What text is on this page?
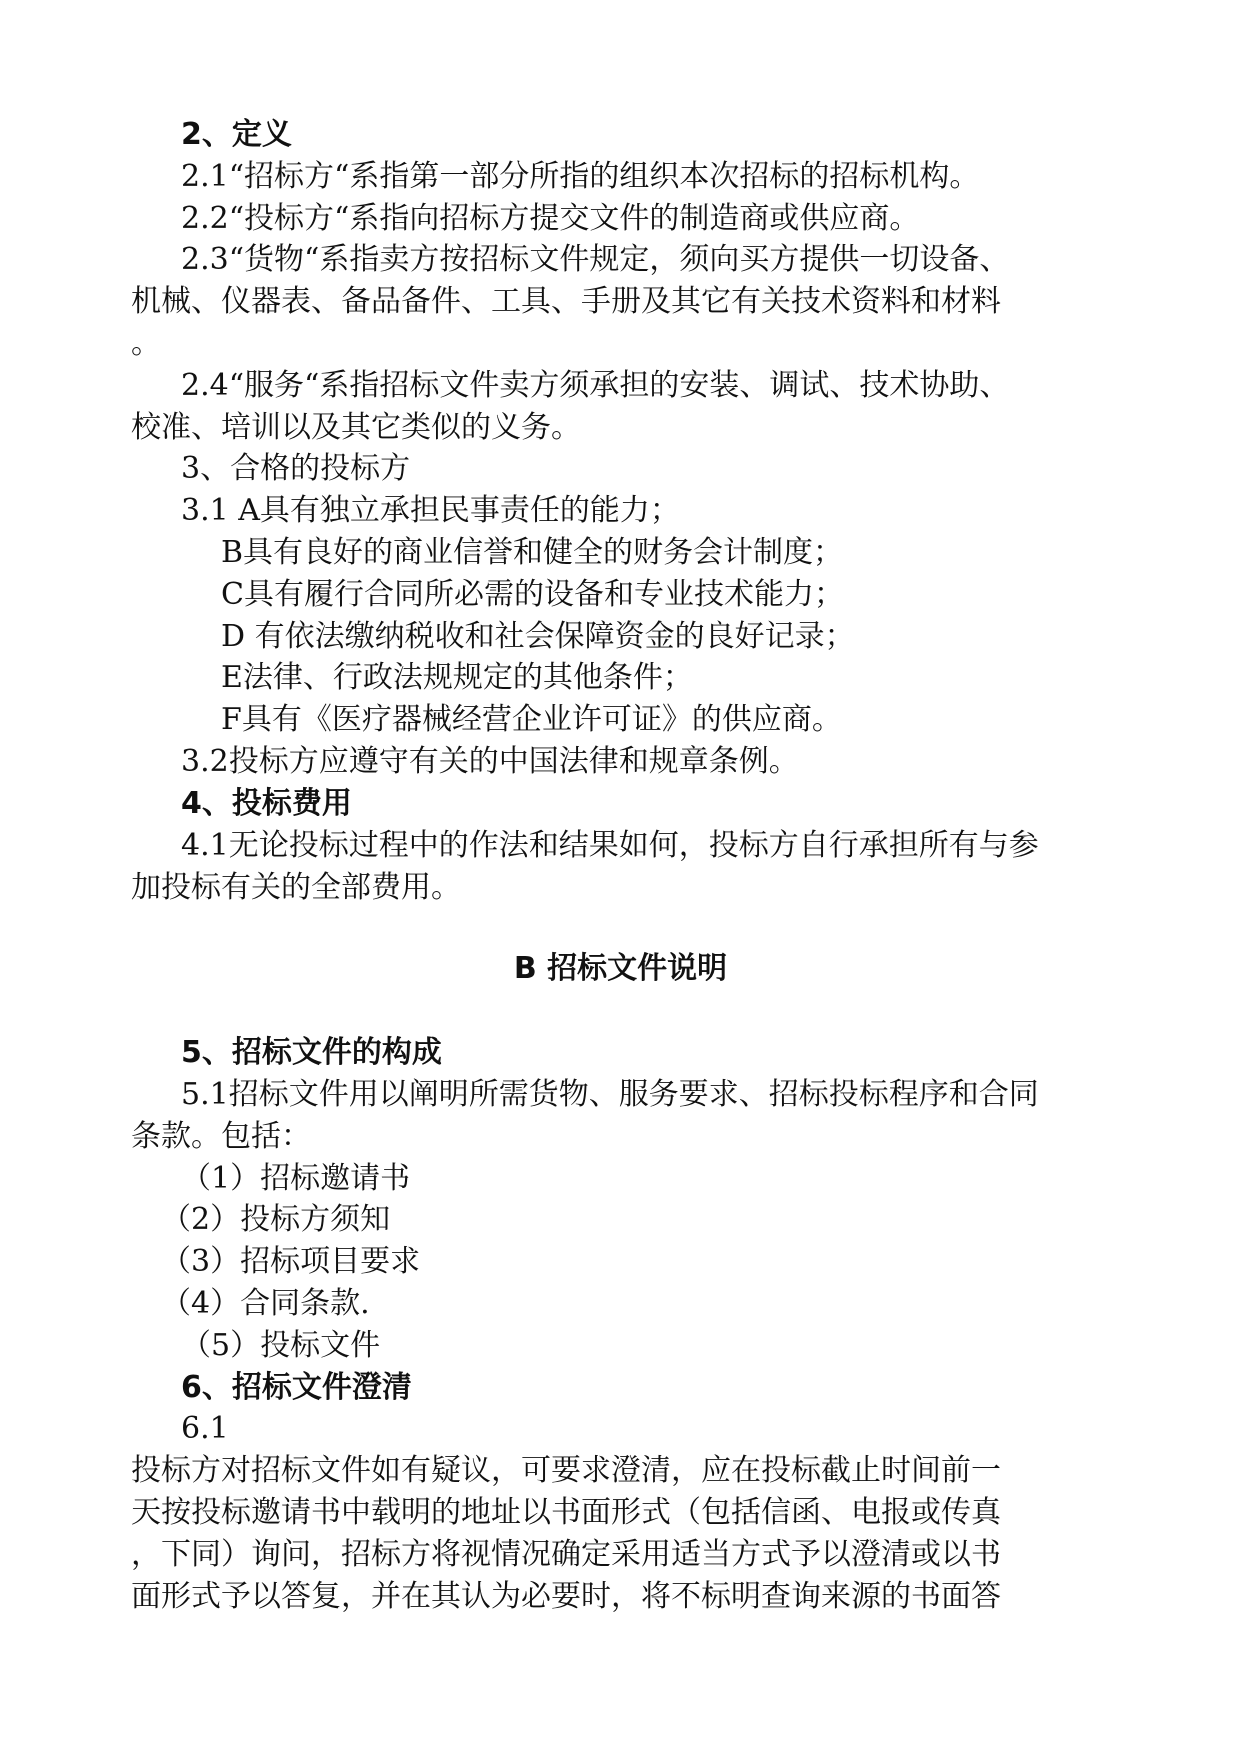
2、定义

2.1“招标方“系指第一部分所指的组织本次招标的招标机构。

2.2“投标方“系指向招标方提交文件的制造商或供应商。

2.3“货物“系指卖方按招标文件规定，须向买方提供一切设备、

机械、仪器表、备品备件、工具、手册及其它有关技术资料和材料

。

2.4“服务“系指招标文件卖方须承担的安装、调试、技术协助、

校准、培训以及其它类似的义务。

3、合格的投标方

3.1 A具有独立承担民事责任的能力；

B具有良好的商业信誉和健全的财务会计制度；

C具有履行合同所必需的设备和专业技术能力；

D 有依法缴纳税收和社会保障资金的良好记录；

E法律、行政法规规定的其他条件；

F具有《医疗器械经营企业许可证》的供应商。

3.2投标方应遵守有关的中国法律和规章条例。

4、投标费用

4.1无论投标过程中的作法和结果如何，投标方自行承担所有与参

加投标有关的全部费用。

B 招标文件说明

5、招标文件的构成

5.1招标文件用以阐明所需货物、服务要求、招标投标程序和合同

条款。包括：

（1）招标邀请书

（2）投标方须知

（3）招标项目要求

（4）合同条款.

（5）投标文件

6、招标文件澄清

6.1

投标方对招标文件如有疑议，可要求澄清，应在投标截止时间前一

天按投标邀请书中载明的地址以书面形式（包括信函、电报或传真

，下同）询问，招标方将视情况确定采用适当方式予以澄清或以书

面形式予以答复，并在其认为必要时，将不标明查询来源的书面答
